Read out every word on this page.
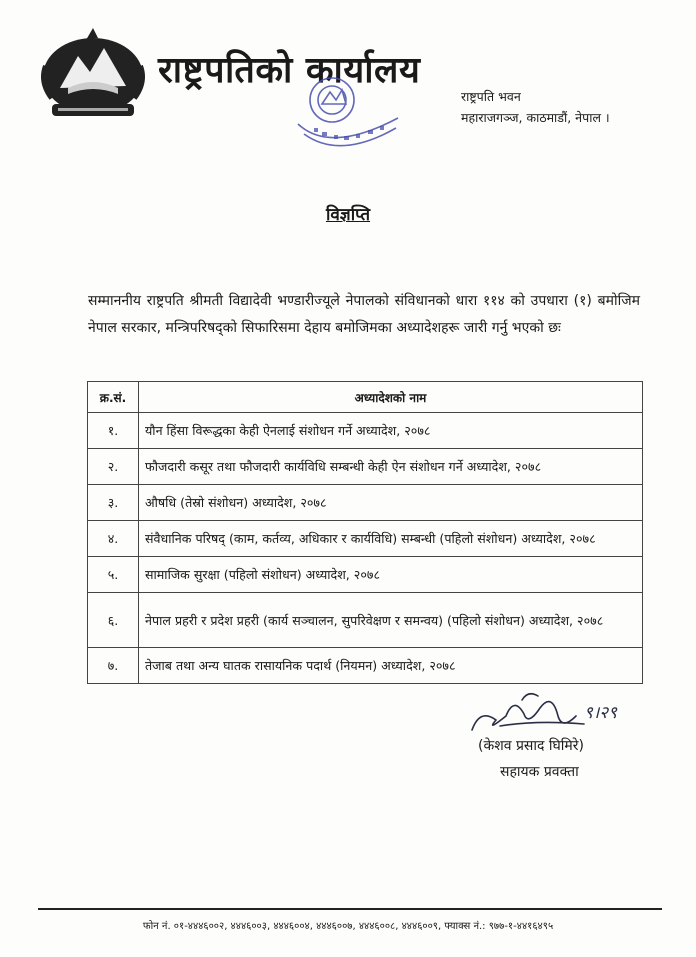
राष्ट्रपतिको कार्यालय
राष्ट्रपति भवन
महाराजगञ्ज, काठमाडौं, नेपाल ।
विज्ञप्ति
सम्माननीय राष्ट्रपति श्रीमती विद्यादेवी भण्डारीज्यूले नेपालको संविधानको धारा ११४ को उपधारा (१) बमोजिम नेपाल सरकार, मन्त्रिपरिषद्‌को सिफारिसमा देहाय बमोजिमका अध्यादेशहरू जारी गर्नु भएको छः
क्र.सं.	अध्यादेशको नाम
१.	यौन हिंसा विरूद्धका केही ऐनलाई संशोधन गर्ने अध्यादेश, २०७८
२.	फौजदारी कसूर तथा फौजदारी कार्यविधि सम्बन्धी केही ऐन संशोधन गर्ने अध्यादेश, २०७८
३.	औषधि (तेस्रो संशोधन) अध्यादेश, २०७८
४.	संवैधानिक परिषद् (काम, कर्तव्य, अधिकार र कार्यविधि) सम्बन्धी (पहिलो संशोधन) अध्यादेश, २०७८
५.	सामाजिक सुरक्षा (पहिलो संशोधन) अध्यादेश, २०७८
६.	नेपाल प्रहरी र प्रदेश प्रहरी (कार्य सञ्चालन, सुपरिवेक्षण र समन्वय) (पहिलो संशोधन) अध्यादेश, २०७८
७.	तेजाब तथा अन्य घातक रासायनिक पदार्थ (नियमन) अध्यादेश, २०७८
९।२९
(केशव प्रसाद घिमिरे)
सहायक प्रवक्ता
फोन नं. ०१-४४४६००२, ४४४६००३, ४४४६००४, ४४४६००७, ४४४६००८, ४४४६००९, फ्याक्स नं.: ९७७-१-४४१६४९५
